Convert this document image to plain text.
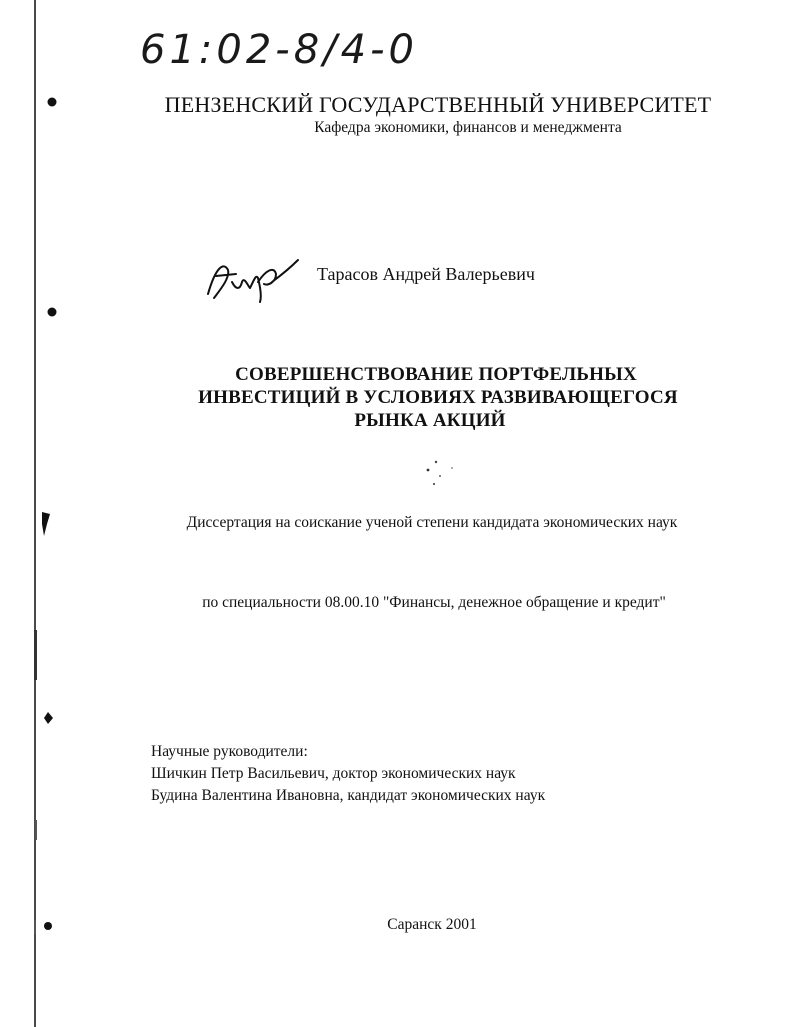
61:02-8/4-0
ПЕНЗЕНСКИЙ ГОСУДАРСТВЕННЫЙ УНИВЕРСИТЕТ
Кафедра экономики, финансов и менеджмента
Тарасов Андрей Валерьевич
СОВЕРШЕНСТВОВАНИЕ ПОРТФЕЛЬНЫХ
ИНВЕСТИЦИЙ В УСЛОВИЯХ РАЗВИВАЮЩЕГОСЯ
РЫНКА АКЦИЙ
Диссертация на соискание ученой степени кандидата экономических наук
по специальности 08.00.10 "Финансы, денежное обращение и кредит"
Научные руководители:
Шичкин Петр Васильевич, доктор экономических наук
Будина Валентина Ивановна, кандидат экономических наук
Саранск 2001
